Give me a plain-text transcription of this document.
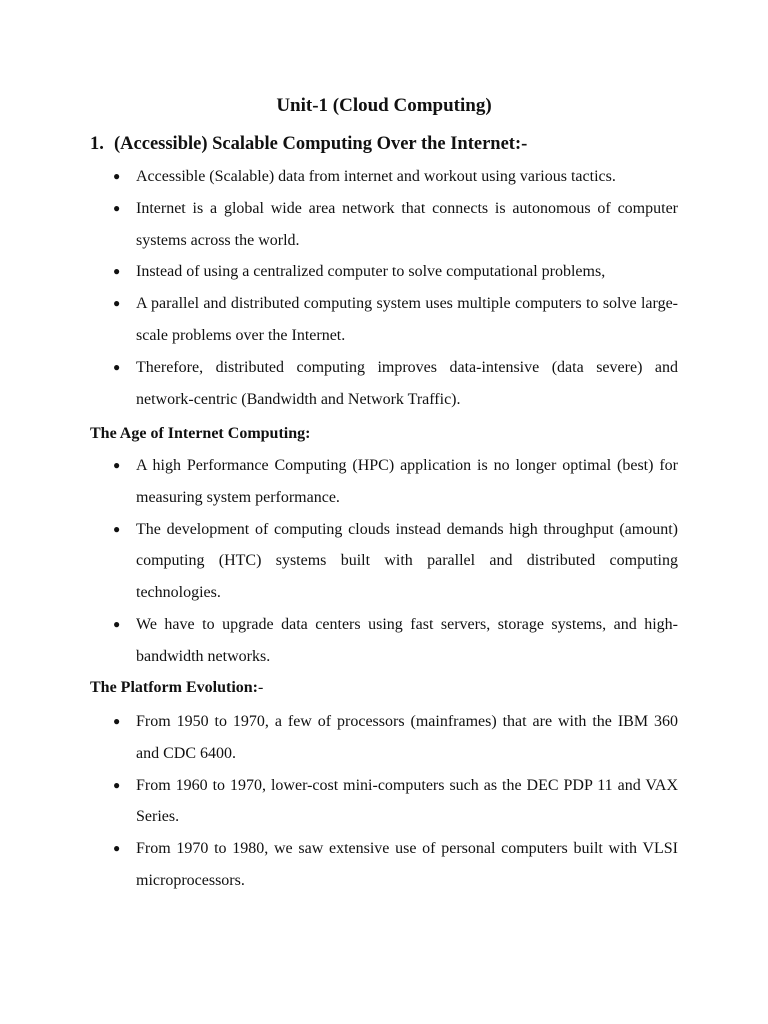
Unit-1 (Cloud Computing)
1. (Accessible) Scalable Computing Over the Internet:-
● Accessible (Scalable) data from internet and workout using various tactics.
● Internet is a global wide area network that connects is autonomous of computer systems across the world.
● Instead of using a centralized computer to solve computational problems,
● A parallel and distributed computing system uses multiple computers to solve large-scale problems over the Internet.
● Therefore, distributed computing improves data-intensive (data severe) and network-centric (Bandwidth and Network Traffic).
The Age of Internet Computing:
● A high Performance Computing (HPC) application is no longer optimal (best) for measuring system performance.
● The development of computing clouds instead demands high throughput (amount) computing (HTC) systems built with parallel and distributed computing technologies.
● We have to upgrade data centers using fast servers, storage systems, and high-bandwidth networks.
The Platform Evolution:-
● From 1950 to 1970, a few of processors (mainframes) that are with the IBM 360 and CDC 6400.
● From 1960 to 1970, lower-cost mini-computers such as the DEC PDP 11 and VAX Series.
● From 1970 to 1980, we saw extensive use of personal computers built with VLSI microprocessors.
